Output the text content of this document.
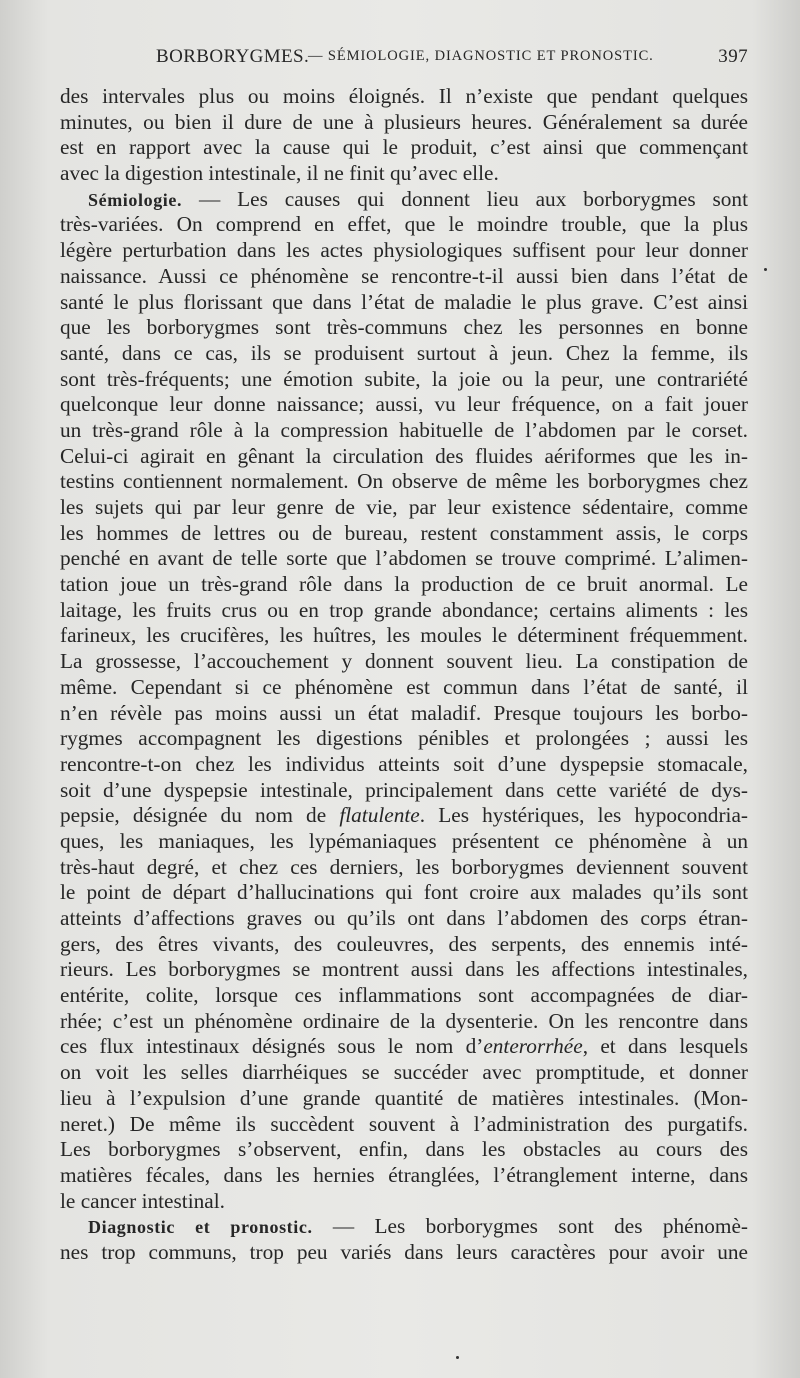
BORBORYGMES.
— SÉMIOLOGIE, DIAGNOSTIC ET PRONOSTIC.	397
des intervales plus ou moins éloignés. Il n’existe que pendant quelques
minutes, ou bien il dure de une à plusieurs heures. Généralement sa durée
est en rapport avec la cause qui le produit, c’est ainsi que commençant
avec la digestion intestinale, il ne finit qu’avec elle.
Sémiologie. — Les causes qui donnent lieu aux borborygmes sont
très-variées. On comprend en effet, que le moindre trouble, que la plus
légère perturbation dans les actes physiologiques suffisent pour leur donner
naissance. Aussi ce phénomène se rencontre-t-il aussi bien dans l’état de
santé le plus florissant que dans l’état de maladie le plus grave. C’est ainsi
que les borborygmes sont très-communs chez les personnes en bonne
santé, dans ce cas, ils se produisent surtout à jeun. Chez la femme, ils
sont très-fréquents; une émotion subite, la joie ou la peur, une contrariété
quelconque leur donne naissance; aussi, vu leur fréquence, on a fait jouer
un très-grand rôle à la compression habituelle de l’abdomen par le corset.
Celui-ci agirait en gênant la circulation des fluides aériformes que les in-
testins contiennent normalement. On observe de même les borborygmes chez
les sujets qui par leur genre de vie, par leur existence sédentaire, comme
les hommes de lettres ou de bureau, restent constamment assis, le corps
penché en avant de telle sorte que l’abdomen se trouve comprimé. L’alimen-
tation joue un très-grand rôle dans la production de ce bruit anormal. Le
laitage, les fruits crus ou en trop grande abondance; certains aliments : les
farineux, les crucifères, les huîtres, les moules le déterminent fréquemment.
La grossesse, l’accouchement y donnent souvent lieu. La constipation de
même. Cependant si ce phénomène est commun dans l’état de santé, il
n’en révèle pas moins aussi un état maladif. Presque toujours les borbo-
rygmes accompagnent les digestions pénibles et prolongées ; aussi les
rencontre-t-on chez les individus atteints soit d’une dyspepsie stomacale,
soit d’une dyspepsie intestinale, principalement dans cette variété de dys-
pepsie, désignée du nom de flatulente. Les hystériques, les hypocondria-
ques, les maniaques, les lypémaniaques présentent ce phénomène à un
très-haut degré, et chez ces derniers, les borborygmes deviennent souvent
le point de départ d’hallucinations qui font croire aux malades qu’ils sont
atteints d’affections graves ou qu’ils ont dans l’abdomen des corps étran-
gers, des êtres vivants, des couleuvres, des serpents, des ennemis inté-
rieurs. Les borborygmes se montrent aussi dans les affections intestinales,
entérite, colite, lorsque ces inflammations sont accompagnées de diar-
rhée; c’est un phénomène ordinaire de la dysenterie. On les rencontre dans
ces flux intestinaux désignés sous le nom d’enterorrhée, et dans lesquels
on voit les selles diarrhéiques se succéder avec promptitude, et donner
lieu à l’expulsion d’une grande quantité de matières intestinales. (Mon-
neret.) De même ils succèdent souvent à l’administration des purgatifs.
Les borborygmes s’observent, enfin, dans les obstacles au cours des
matières fécales, dans les hernies étranglées, l’étranglement interne, dans
le cancer intestinal.
Diagnostic et pronostic. — Les borborygmes sont des phénomè-
nes trop communs, trop peu variés dans leurs caractères pour avoir une
